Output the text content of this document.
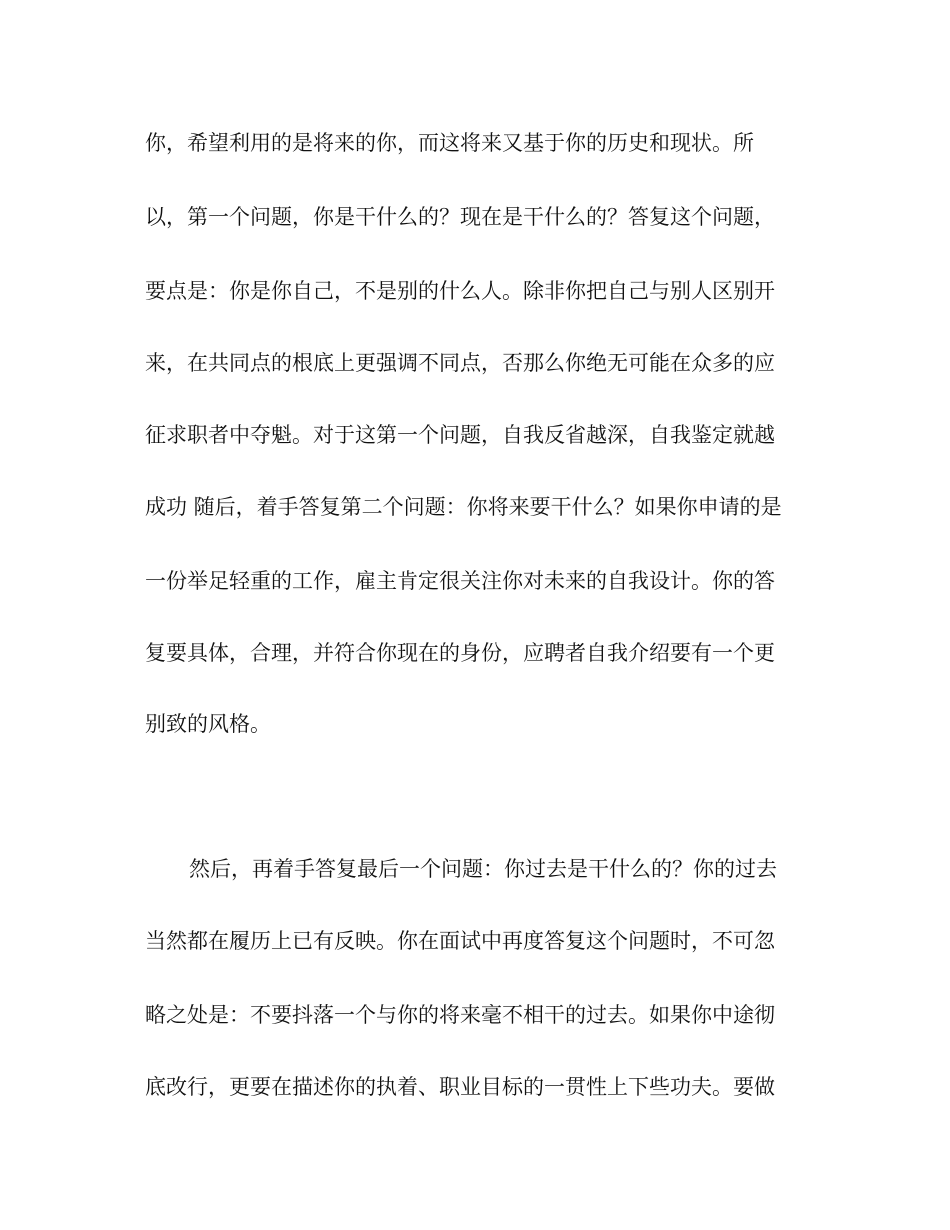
你，希望利用的是将来的你，而这将来又基于你的历史和现状。所
以，第一个问题，你是干什么的？现在是干什么的？答复这个问题，
要点是：你是你自己，不是别的什么人。除非你把自己与别人区别开
来，在共同点的根底上更强调不同点，否那么你绝无可能在众多的应
征求职者中夺魁。对于这第一个问题，自我反省越深，自我鉴定就越
成功 随后，着手答复第二个问题：你将来要干什么？如果你申请的是
一份举足轻重的工作，雇主肯定很关注你对未来的自我设计。你的答
复要具体，合理，并符合你现在的身份，应聘者自我介绍要有一个更
别致的风格。
然后，再着手答复最后一个问题：你过去是干什么的？你的过去
当然都在履历上已有反映。你在面试中再度答复这个问题时，不可忽
略之处是：不要抖落一个与你的将来毫不相干的过去。如果你中途彻
底改行，更要在描述你的执着、职业目标的一贯性上下些功夫。要做
